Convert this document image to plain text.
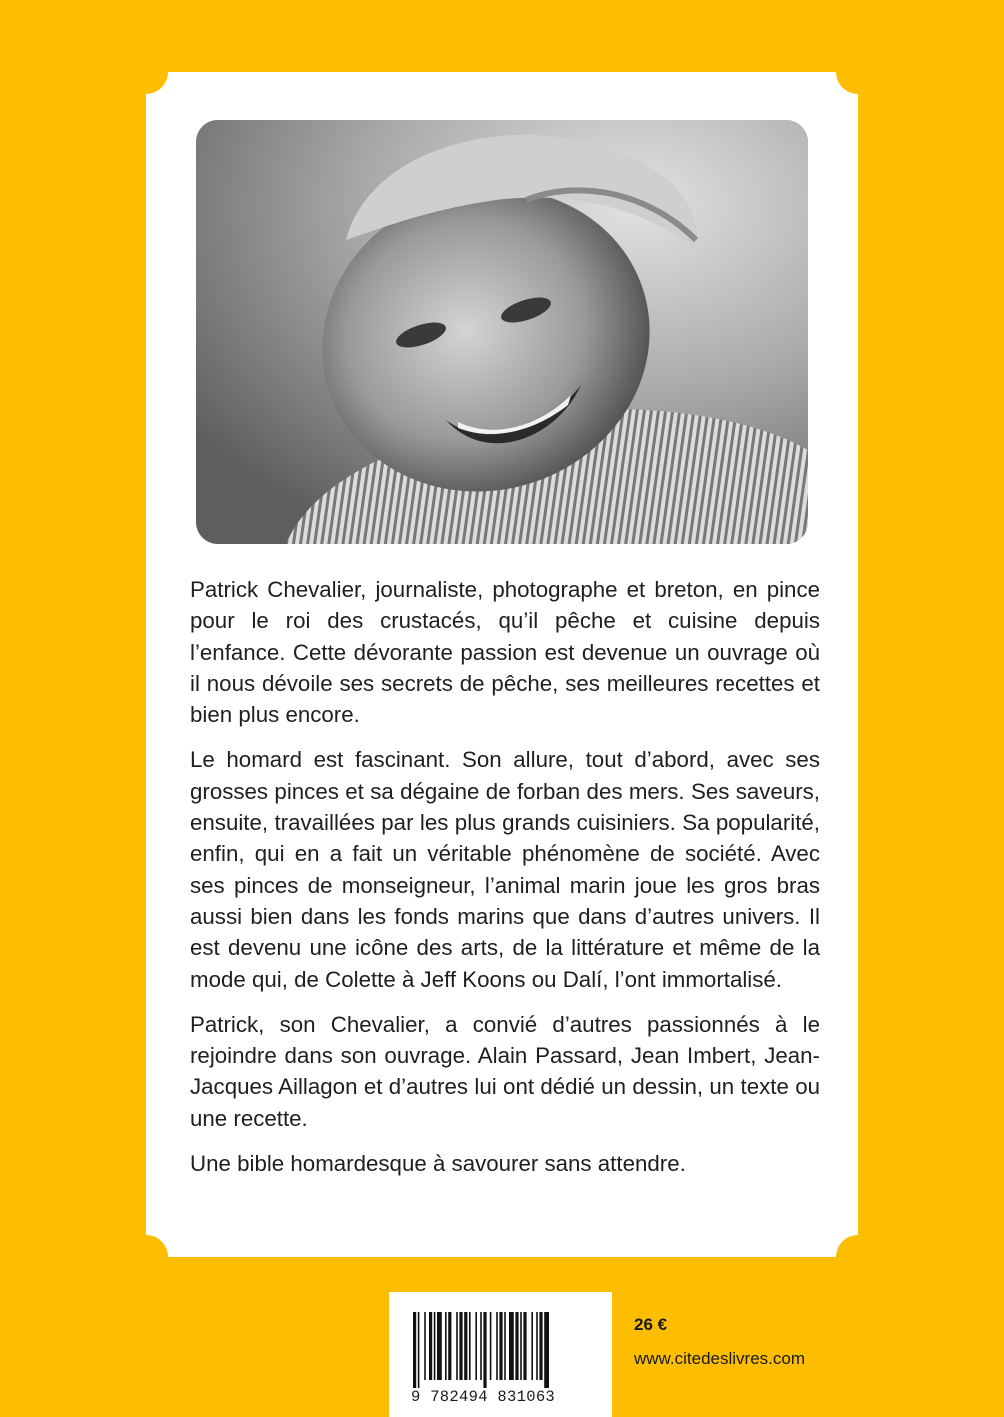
Patrick Chevalier, journaliste, photographe et breton, en pince pour le roi des crustacés, qu’il pêche et cuisine depuis l’enfance. Cette dévorante passion est devenue un ouvrage où il nous dévoile ses secrets de pêche, ses meilleures recettes et bien plus encore.

Le homard est fascinant. Son allure, tout d’abord, avec ses grosses pinces et sa dégaine de forban des mers. Ses saveurs, ensuite, travaillées par les plus grands cuisiniers. Sa popularité, enfin, qui en a fait un véritable phénomène de société. Avec ses pinces de monseigneur, l’animal marin joue les gros bras aussi bien dans les fonds marins que dans d’autres univers. Il est devenu une icône des arts, de la littérature et même de la mode qui, de Colette à Jeff Koons ou Dalí, l’ont immortalisé.

Patrick, son Chevalier, a convié d’autres passionnés à le rejoindre dans son ouvrage. Alain Passard, Jean Imbert, Jean-Jacques Aillagon et d’autres lui ont dédié un dessin, un texte ou une recette.

Une bible homardesque à savourer sans attendre.

9 782494 831063
26 €
www.citedeslivres.com
